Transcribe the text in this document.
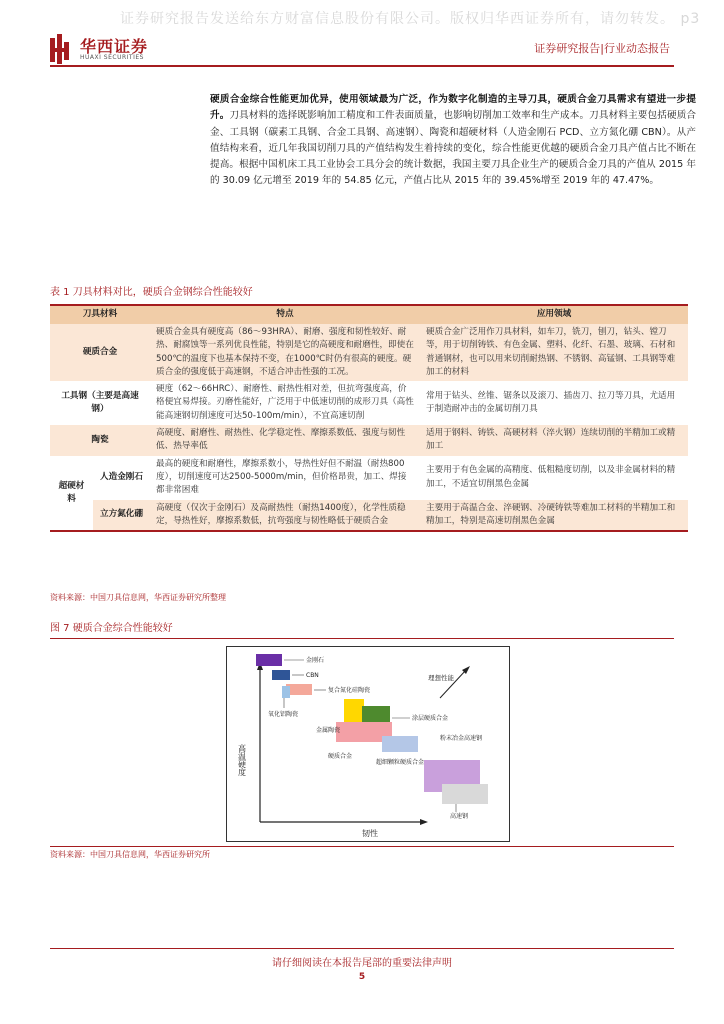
证券研究报告发送给东方财富信息股份有限公司。版权归华西证券所有，请勿转发。 p3
华西证券
HUAXI SECURITIES
证券研究报告|行业动态报告
硬质合金综合性能更加优异，使用领域最为广泛，作为数字化制造的主导刀具，硬质合金刀具需求有望进一步提升。刀具材料的选择既影响加工精度和工件表面质量，也影响切削加工效率和生产成本。刀具材料主要包括硬质合金、工具钢（碳素工具钢、合金工具钢、高速钢）、陶瓷和超硬材料（人造金刚石 PCD、立方氮化硼 CBN）。从产值结构来看，近几年我国切削刀具的产值结构发生着持续的变化，综合性能更优越的硬质合金刀具产值占比不断在提高。根据中国机床工具工业协会工具分会的统计数据，我国主要刀具企业生产的硬质合金刀具的产值从 2015 年的 30.09 亿元增至 2019 年的 54.85 亿元，产值占比从 2015 年的 39.45%增至 2019 年的 47.47%。
表 1 刀具材料对比，硬质合金钢综合性能较好
刀具材料		特点	应用领域
硬质合金		硬质合金具有硬度高（86～93HRA）、耐磨、强度和韧性较好、耐热、耐腐蚀等一系列优良性能，特别是它的高硬度和耐磨性，即使在500℃的温度下也基本保持不变，在1000℃时仍有很高的硬度。硬质合金的强度低于高速钢，不适合冲击性强的工况。	硬质合金广泛用作刀具材料，如车刀，铣刀，刨刀，钻头、镗刀等，用于切削铸铁、有色金属、塑料、化纤、石墨、玻璃、石材和普通钢材，也可以用来切削耐热钢、不锈钢、高锰钢、工具钢等难加工的材料
工具钢（主要是高速钢）		硬度（62～66HRC）、耐磨性、耐热性相对差，但抗弯强度高，价格便宜易焊接。刃磨性能好，广泛用于中低速切削的成形刀具（高性能高速钢切削速度可达50-100m/min），不宜高速切削	常用于钻头、丝锥、锯条以及滚刀、插齿刀、拉刀等刀具，尤适用于制造耐冲击的金属切削刀具
陶瓷		高硬度、耐磨性、耐热性、化学稳定性、摩擦系数低、强度与韧性低、热导率低	适用于钢料、铸铁、高硬材料（淬火钢）连续切削的半精加工或精加工
超硬材料	人造金刚石	最高的硬度和耐磨性，摩擦系数小，导热性好但不耐温（耐热800度），切削速度可达2500-5000m/min，但价格昂贵，加工、焊接都非常困难	主要用于有色金属的高精度、低粗糙度切削，以及非金属材料的精加工，不适宜切削黑色金属
	立方氮化硼	高硬度（仅次于金刚石）及高耐热性（耐热1400度），化学性质稳定，导热性好，摩擦系数低，抗弯强度与韧性略低于硬质合金	主要用于高温合金、淬硬钢、冷硬铸铁等难加工材料的半精加工和精加工，特别是高速切削黑色金属
资料来源：中国刀具信息网，华西证券研究所整理
图 7 硬质合金综合性能较好
高温硬度
韧性
理想性能
金刚石
CBN
复合氮化硅陶瓷
氧化铝陶瓷
金属陶瓷
涂层硬质合金
硬质合金
超细颗粒硬质合金
粉末冶金高速钢
高速钢
资料来源：中国刀具信息网，华西证券研究所
请仔细阅读在本报告尾部的重要法律声明
5
